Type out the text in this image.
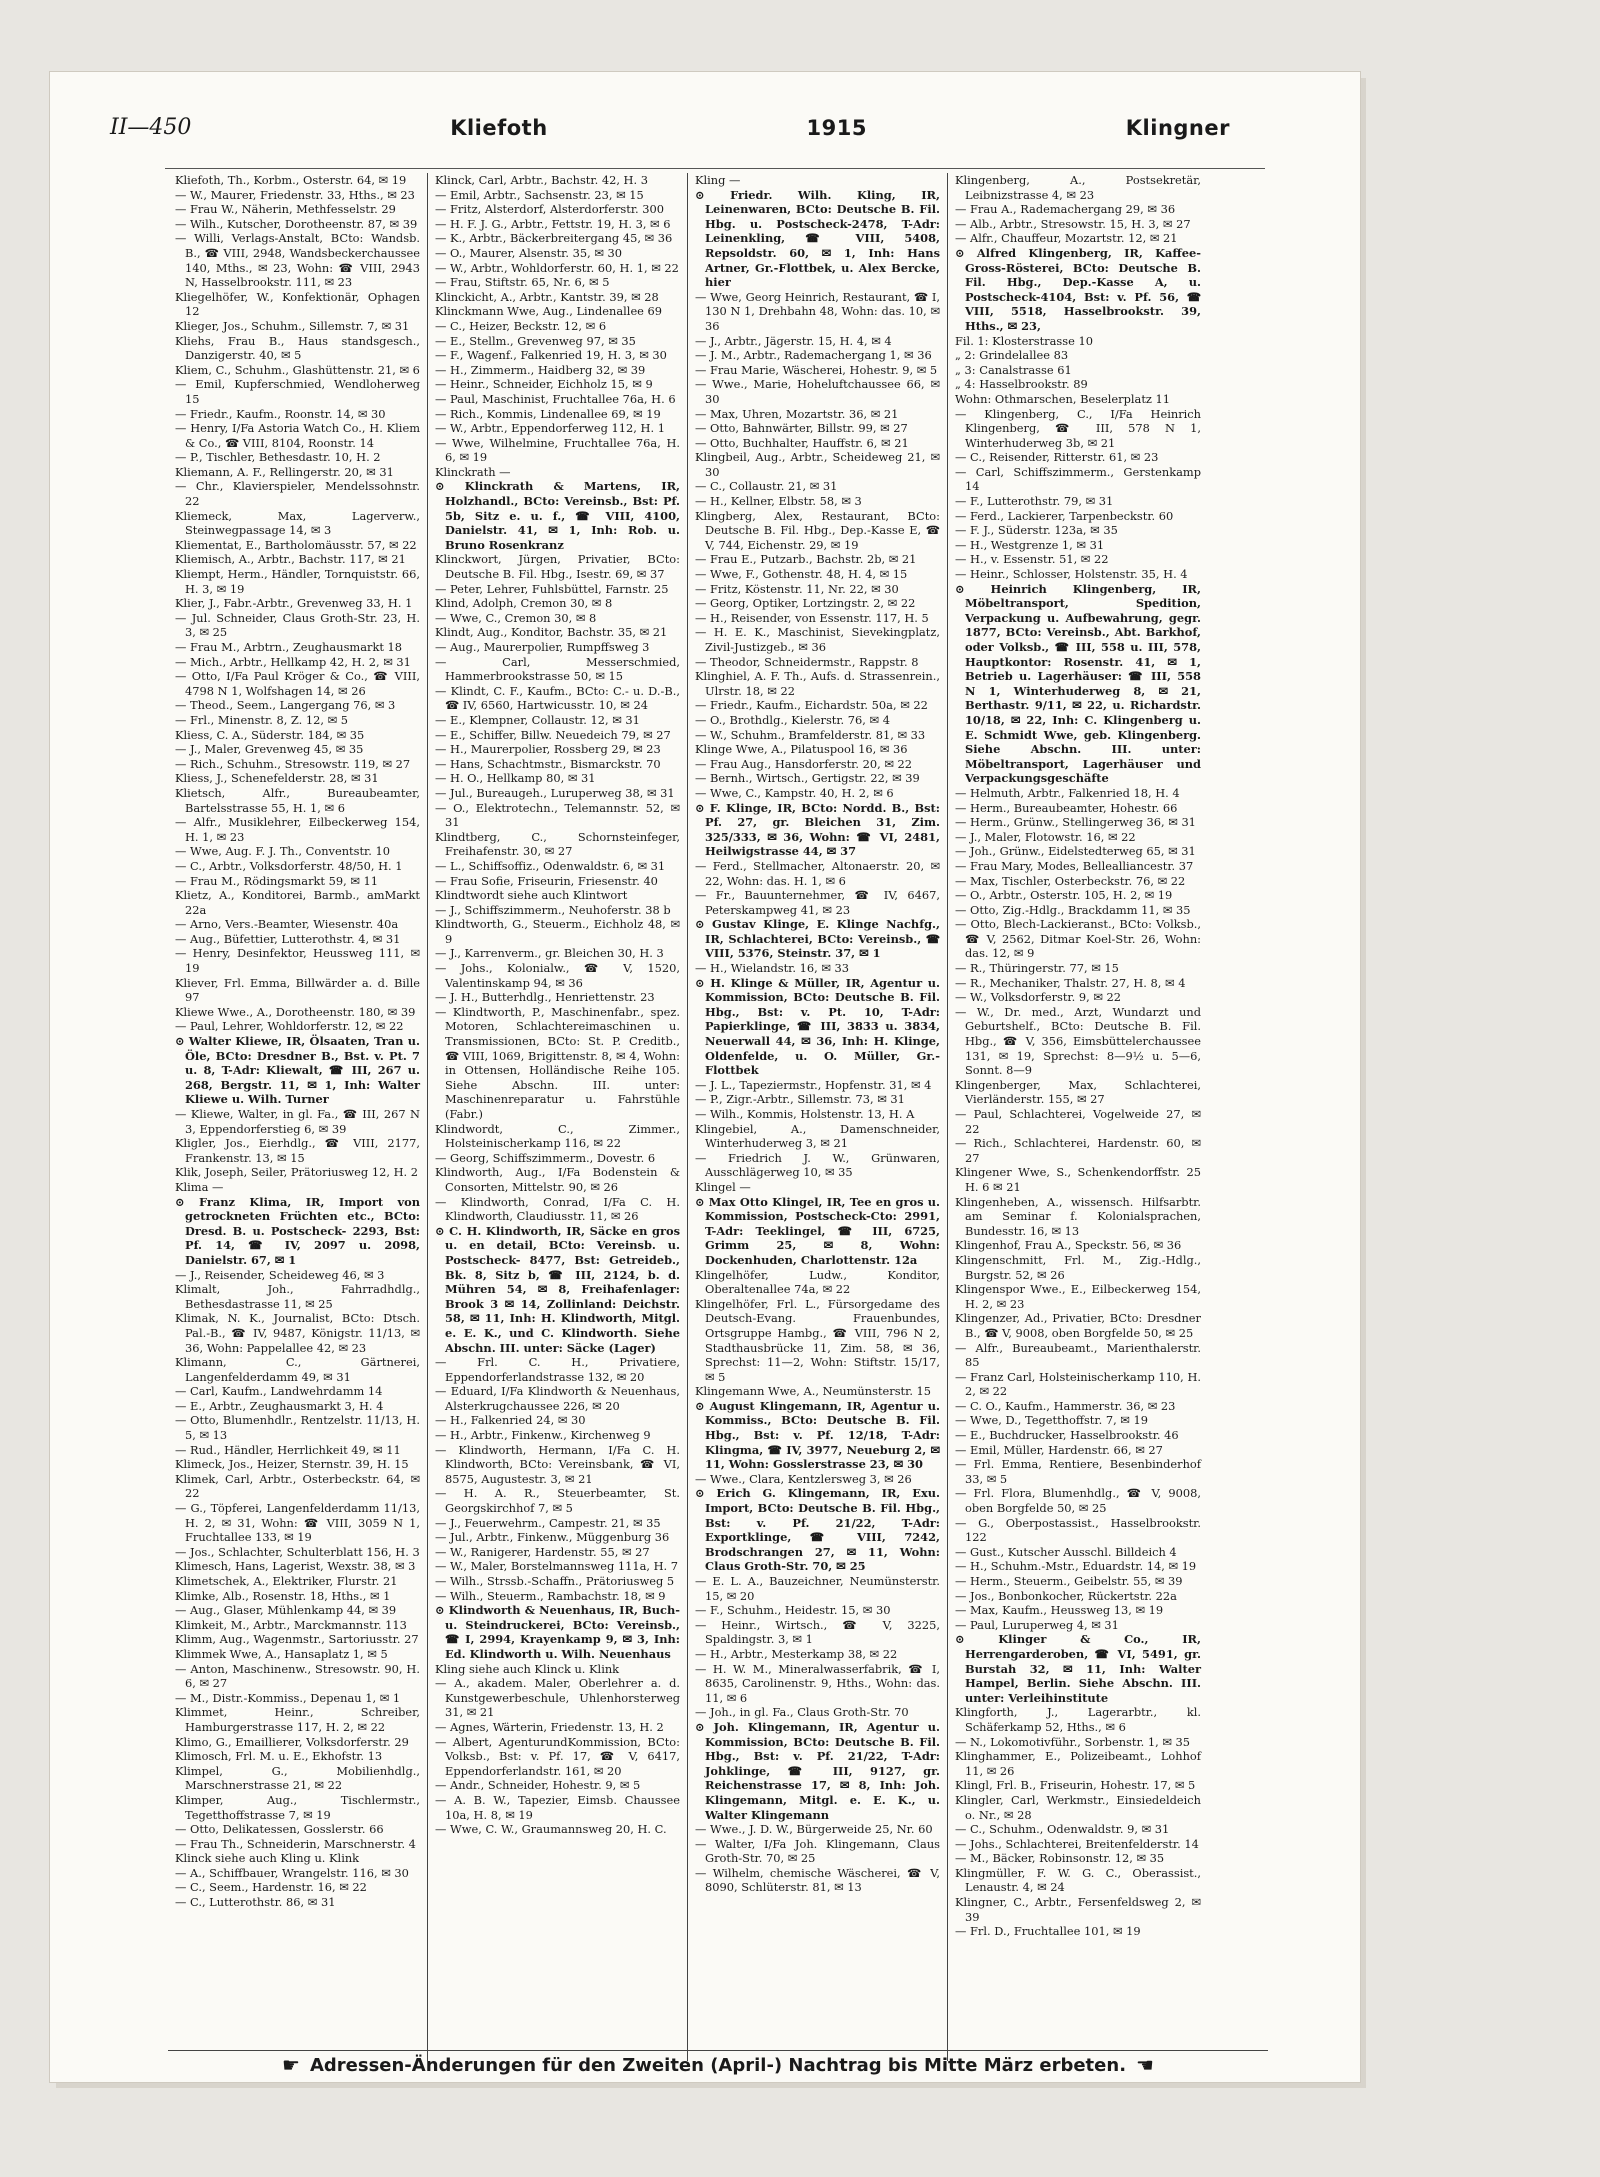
II—450	Kliefoth	1915	Klingner
Kliefoth, Th., Korbm., Osterstr. 64, ✉ 19
— W., Maurer, Friedenstr. 33, Hths., ✉ 23
— Frau W., Näherin, Methfesselstr. 29
— Wilh., Kutscher, Dorotheenstr. 87, ✉ 39
— Willi, Verlags-Anstalt, BCto: Wandsb. B., ☎ VIII, 2948, Wandsbeckerchaussee 140, Mths., ✉ 23, Wohn: ☎ VIII, 2943 N, Hasselbrookstr. 111, ✉ 23
Kliegelhöfer, W., Konfektionär, Ophagen 12
Klieger, Jos., Schuhm., Sillemstr. 7, ✉ 31
Kliehs, Frau B., Haus standsgesch., Danzigerstr. 40, ✉ 5
Kliem, C., Schuhm., Glashüttenstr. 21, ✉ 6
— Emil, Kupferschmied, Wendloherweg 15
— Friedr., Kaufm., Roonstr. 14, ✉ 30
— Henry, I/Fa Astoria Watch Co., H. Kliem & Co., ☎ VIII, 8104, Roonstr. 14
— P., Tischler, Bethesdastr. 10, H. 2
Kliemann, A. F., Rellingerstr. 20, ✉ 31
— Chr., Klavierspieler, Mendelssohnstr. 22
Kliemeck, Max, Lagerverw., Steinwegpassage 14, ✉ 3
Kliementat, E., Bartholomäusstr. 57, ✉ 22
Kliemisch, A., Arbtr., Bachstr. 117, ✉ 21
Kliempt, Herm., Händler, Tornquiststr. 66, H. 3, ✉ 19
Klier, J., Fabr.-Arbtr., Grevenweg 33, H. 1
— Jul. Schneider, Claus Groth-Str. 23, H. 3, ✉ 25
— Frau M., Arbtrn., Zeughausmarkt 18
— Mich., Arbtr., Hellkamp 42, H. 2, ✉ 31
— Otto, I/Fa Paul Kröger & Co., ☎ VIII, 4798 N 1, Wolfshagen 14, ✉ 26
— Theod., Seem., Langergang 76, ✉ 3
— Frl., Minenstr. 8, Z. 12, ✉ 5
Kliess, C. A., Süderstr. 184, ✉ 35
— J., Maler, Grevenweg 45, ✉ 35
— Rich., Schuhm., Stresowstr. 119, ✉ 27
Kliess, J., Schenefelderstr. 28, ✉ 31
Klietsch, Alfr., Bureaubeamter, Bartelsstrasse 55, H. 1, ✉ 6
— Alfr., Musiklehrer, Eilbeckerweg 154, H. 1, ✉ 23
— Wwe, Aug. F. J. Th., Conventstr. 10
— C., Arbtr., Volksdorferstr. 48/50, H. 1
— Frau M., Rödingsmarkt 59, ✉ 11
Klietz, A., Konditorei, Barmb., amMarkt 22a
— Arno, Vers.-Beamter, Wiesenstr. 40a
— Aug., Büfettier, Lutterothstr. 4, ✉ 31
— Henry, Desinfektor, Heussweg 111, ✉ 19
Kliever, Frl. Emma, Billwärder a. d. Bille 97
Kliewe Wwe., A., Dorotheenstr. 180, ✉ 39
— Paul, Lehrer, Wohldorferstr. 12, ✉ 22
⊙ Walter Kliewe, IR, Ölsaaten, Tran u. Öle, BCto: Dresdner B., Bst. v. Pt. 7 u. 8, T-Adr: Kliewalt, ☎ III, 267 u. 268, Bergstr. 11, ✉ 1, Inh: Walter Kliewe u. Wilh. Turner
— Kliewe, Walter, in gl. Fa., ☎ III, 267 N 3, Eppendorferstieg 6, ✉ 39
Kligler, Jos., Eierhdlg., ☎ VIII, 2177, Frankenstr. 13, ✉ 15
Klik, Joseph, Seiler, Prätoriusweg 12, H. 2
Klima —
⊙ Franz Klima, IR, Import von getrockneten Früchten etc., BCto: Dresd. B. u. Postscheck- 2293, Bst: Pf. 14, ☎ IV, 2097 u. 2098, Danielstr. 67, ✉ 1
— J., Reisender, Scheideweg 46, ✉ 3
Klimalt, Joh., Fahrradhdlg., Bethesdastrasse 11, ✉ 25
Klimak, N. K., Journalist, BCto: Dtsch. Pal.-B., ☎ IV, 9487, Königstr. 11/13, ✉ 36, Wohn: Pappelallee 42, ✉ 23
Klimann, C., Gärtnerei, Langenfelderdamm 49, ✉ 31
— Carl, Kaufm., Landwehrdamm 14
— E., Arbtr., Zeughausmarkt 3, H. 4
— Otto, Blumenhdlr., Rentzelstr. 11/13, H. 5, ✉ 13
— Rud., Händler, Herrlichkeit 49, ✉ 11
Klimeck, Jos., Heizer, Sternstr. 39, H. 15
Klimek, Carl, Arbtr., Osterbeckstr. 64, ✉ 22
— G., Töpferei, Langenfelderdamm 11/13, H. 2, ✉ 31, Wohn: ☎ VIII, 3059 N 1, Fruchtallee 133, ✉ 19
— Jos., Schlachter, Schulterblatt 156, H. 3
Klimesch, Hans, Lagerist, Wexstr. 38, ✉ 3
Klimetschek, A., Elektriker, Flurstr. 21
Klimke, Alb., Rosenstr. 18, Hths., ✉ 1
— Aug., Glaser, Mühlenkamp 44, ✉ 39
Klimkeit, M., Arbtr., Marckmannstr. 113
Klimm, Aug., Wagenmstr., Sartoriusstr. 27
Klimmek Wwe, A., Hansaplatz 1, ✉ 5
— Anton, Maschinenw., Stresowstr. 90, H. 6, ✉ 27
— M., Distr.-Kommiss., Depenau 1, ✉ 1
Klimmet, Heinr., Schreiber, Hamburgerstrasse 117, H. 2, ✉ 22
Klimo, G., Emaillierer, Volksdorferstr. 29
Klimosch, Frl. M. u. E., Ekhofstr. 13
Klimpel, G., Mobilienhdlg., Marschnerstrasse 21, ✉ 22
Klimper, Aug., Tischlermstr., Tegetthoffstrasse 7, ✉ 19
— Otto, Delikatessen, Gosslerstr. 66
— Frau Th., Schneiderin, Marschnerstr. 4
Klinck siehe auch Kling u. Klink
— A., Schiffbauer, Wrangelstr. 116, ✉ 30
— C., Seem., Hardenstr. 16, ✉ 22
— C., Lutterothstr. 86, ✉ 31
Klinck, Carl, Arbtr., Bachstr. 42, H. 3
— Emil, Arbtr., Sachsenstr. 23, ✉ 15
— Fritz, Alsterdorf, Alsterdorferstr. 300
— H. F. J. G., Arbtr., Fettstr. 19, H. 3, ✉ 6
— K., Arbtr., Bäckerbreitergang 45, ✉ 36
— O., Maurer, Alsenstr. 35, ✉ 30
— W., Arbtr., Wohldorferstr. 60, H. 1, ✉ 22
— Frau, Stiftstr. 65, Nr. 6, ✉ 5
Klinckicht, A., Arbtr., Kantstr. 39, ✉ 28
Klinckmann Wwe, Aug., Lindenallee 69
— C., Heizer, Beckstr. 12, ✉ 6
— E., Stellm., Grevenweg 97, ✉ 35
— F., Wagenf., Falkenried 19, H. 3, ✉ 30
— H., Zimmerm., Haidberg 32, ✉ 39
— Heinr., Schneider, Eichholz 15, ✉ 9
— Paul, Maschinist, Fruchtallee 76a, H. 6
— Rich., Kommis, Lindenallee 69, ✉ 19
— W., Arbtr., Eppendorferweg 112, H. 1
— Wwe, Wilhelmine, Fruchtallee 76a, H. 6, ✉ 19
Klinckrath —
⊙ Klinckrath & Martens, IR, Holzhandl., BCto: Vereinsb., Bst: Pf. 5b, Sitz e. u. f., ☎ VIII, 4100, Danielstr. 41, ✉ 1, Inh: Rob. u. Bruno Rosenkranz
Klinckwort, Jürgen, Privatier, BCto: Deutsche B. Fil. Hbg., Isestr. 69, ✉ 37
— Peter, Lehrer, Fuhlsbüttel, Farnstr. 25
Klind, Adolph, Cremon 30, ✉ 8
— Wwe, C., Cremon 30, ✉ 8
Klindt, Aug., Konditor, Bachstr. 35, ✉ 21
— Aug., Maurerpolier, Rumpffsweg 3
— Carl, Messerschmied, Hammerbrookstrasse 50, ✉ 15
— Klindt, C. F., Kaufm., BCto: C.- u. D.-B., ☎ IV, 6560, Hartwicusstr. 10, ✉ 24
— E., Klempner, Collaustr. 12, ✉ 31
— E., Schiffer, Billw. Neuedeich 79, ✉ 27
— H., Maurerpolier, Rossberg 29, ✉ 23
— Hans, Schachtmstr., Bismarckstr. 70
— H. O., Hellkamp 80, ✉ 31
— Jul., Bureaugeh., Luruperweg 38, ✉ 31
— O., Elektrotechn., Telemannstr. 52, ✉ 31
Klindtberg, C., Schornsteinfeger, Freihafenstr. 30, ✉ 27
— L., Schiffsoffiz., Odenwaldstr. 6, ✉ 31
— Frau Sofie, Friseurin, Friesenstr. 40
Klindtwordt siehe auch Klintwort
— J., Schiffszimmerm., Neuhoferstr. 38 b
Klindtworth, G., Steuerm., Eichholz 48, ✉ 9
— J., Karrenverm., gr. Bleichen 30, H. 3
— Johs., Kolonialw., ☎ V, 1520, Valentinskamp 94, ✉ 36
— J. H., Butterhdlg., Henriettenstr. 23
— Klindtworth, P., Maschinenfabr., spez. Motoren, Schlachtereimaschinen u. Transmissionen, BCto: St. P. Creditb., ☎ VIII, 1069, Brigittenstr. 8, ✉ 4, Wohn: in Ottensen, Holländische Reihe 105. Siehe Abschn. III. unter: Maschinenreparatur u. Fahrstühle (Fabr.)
Klindwordt, C., Zimmer., Holsteinischerkamp 116, ✉ 22
— Georg, Schiffszimmerm., Dovestr. 6
Klindworth, Aug., I/Fa Bodenstein & Consorten, Mittelstr. 90, ✉ 26
— Klindworth, Conrad, I/Fa C. H. Klindworth, Claudiusstr. 11, ✉ 26
⊙ C. H. Klindworth, IR, Säcke en gros u. en detail, BCto: Vereinsb. u. Postscheck- 8477, Bst: Getreideb., Bk. 8, Sitz b, ☎ III, 2124, b. d. Mühren 54, ✉ 8, Freihafenlager: Brook 3 ✉ 14, Zollinland: Deichstr. 58, ✉ 11, Inh: H. Klindworth, Mitgl. e. E. K., und C. Klindworth. Siehe Abschn. III. unter: Säcke (Lager)
— Frl. C. H., Privatiere, Eppendorferlandstrasse 132, ✉ 20
— Eduard, I/Fa Klindworth & Neuenhaus, Alsterkrugchaussee 226, ✉ 20
— H., Falkenried 24, ✉ 30
— H., Arbtr., Finkenw., Kirchenweg 9
— Klindworth, Hermann, I/Fa C. H. Klindworth, BCto: Vereinsbank, ☎ VI, 8575, Augustestr. 3, ✉ 21
— H. A. R., Steuerbeamter, St. Georgskirchhof 7, ✉ 5
— J., Feuerwehrm., Campestr. 21, ✉ 35
— Jul., Arbtr., Finkenw., Müggenburg 36
— W., Ranigerer, Hardenstr. 55, ✉ 27
— W., Maler, Borstelmannsweg 111a, H. 7
— Wilh., Strssb.-Schaffn., Prätoriusweg 5
— Wilh., Steuerm., Rambachstr. 18, ✉ 9
⊙ Klindworth & Neuenhaus, IR, Buch- u. Steindruckerei, BCto: Vereinsb., ☎ I, 2994, Krayenkamp 9, ✉ 3, Inh: Ed. Klindworth u. Wilh. Neuenhaus
Kling siehe auch Klinck u. Klink
— A., akadem. Maler, Oberlehrer a. d. Kunstgewerbeschule, Uhlenhorsterweg 31, ✉ 21
— Agnes, Wärterin, Friedenstr. 13, H. 2
— Albert, AgenturundKommission, BCto: Volksb., Bst: v. Pf. 17, ☎ V, 6417, Eppendorferlandstr. 161, ✉ 20
— Andr., Schneider, Hohestr. 9, ✉ 5
— A. B. W., Tapezier, Eimsb. Chaussee 10a, H. 8, ✉ 19
— Wwe, C. W., Graumannsweg 20, H. C.
Kling —
⊙ Friedr. Wilh. Kling, IR, Leinenwaren, BCto: Deutsche B. Fil. Hbg. u. Postscheck-2478, T-Adr: Leinenkling, ☎ VIII, 5408, Repsoldstr. 60, ✉ 1, Inh: Hans Artner, Gr.-Flottbek, u. Alex Bercke, hier
— Wwe, Georg Heinrich, Restaurant, ☎ I, 130 N 1, Drehbahn 48, Wohn: das. 10, ✉ 36
— J., Arbtr., Jägerstr. 15, H. 4, ✉ 4
— J. M., Arbtr., Rademachergang 1, ✉ 36
— Frau Marie, Wäscherei, Hohestr. 9, ✉ 5
— Wwe., Marie, Hoheluftchaussee 66, ✉ 30
— Max, Uhren, Mozartstr. 36, ✉ 21
— Otto, Bahnwärter, Billstr. 99, ✉ 27
— Otto, Buchhalter, Hauffstr. 6, ✉ 21
Klingbeil, Aug., Arbtr., Scheideweg 21, ✉ 30
— C., Collaustr. 21, ✉ 31
— H., Kellner, Elbstr. 58, ✉ 3
Klingberg, Alex, Restaurant, BCto: Deutsche B. Fil. Hbg., Dep.-Kasse E, ☎ V, 744, Eichenstr. 29, ✉ 19
— Frau E., Putzarb., Bachstr. 2b, ✉ 21
— Wwe, F., Gothenstr. 48, H. 4, ✉ 15
— Fritz, Köstenstr. 11, Nr. 22, ✉ 30
— Georg, Optiker, Lortzingstr. 2, ✉ 22
— H., Reisender, von Essenstr. 117, H. 5
— H. E. K., Maschinist, Sievekingplatz, Zivil-Justizgeb., ✉ 36
— Theodor, Schneidermstr., Rappstr. 8
Klinghiel, A. F. Th., Aufs. d. Strassenrein., Ulrstr. 18, ✉ 22
— Friedr., Kaufm., Eichardstr. 50a, ✉ 22
— O., Brothdlg., Kielerstr. 76, ✉ 4
— W., Schuhm., Bramfelderstr. 81, ✉ 33
Klinge Wwe, A., Pilatuspool 16, ✉ 36
— Frau Aug., Hansdorferstr. 20, ✉ 22
— Bernh., Wirtsch., Gertigstr. 22, ✉ 39
— Wwe, C., Kampstr. 40, H. 2, ✉ 6
⊙ F. Klinge, IR, BCto: Nordd. B., Bst: Pf. 27, gr. Bleichen 31, Zim. 325/333, ✉ 36, Wohn: ☎ VI, 2481, Heilwigstrasse 44, ✉ 37
— Ferd., Stellmacher, Altonaerstr. 20, ✉ 22, Wohn: das. H. 1, ✉ 6
— Fr., Bauunternehmer, ☎ IV, 6467, Peterskampweg 41, ✉ 23
⊙ Gustav Klinge, E. Klinge Nachfg., IR, Schlachterei, BCto: Vereinsb., ☎ VIII, 5376, Steinstr. 37, ✉ 1
— H., Wielandstr. 16, ✉ 33
⊙ H. Klinge & Müller, IR, Agentur u. Kommission, BCto: Deutsche B. Fil. Hbg., Bst: v. Pt. 10, T-Adr: Papierklinge, ☎ III, 3833 u. 3834, Neuerwall 44, ✉ 36, Inh: H. Klinge, Oldenfelde, u. O. Müller, Gr.-Flottbek
— J. L., Tapeziermstr., Hopfenstr. 31, ✉ 4
— P., Zigr.-Arbtr., Sillemstr. 73, ✉ 31
— Wilh., Kommis, Holstenstr. 13, H. A
Klingebiel, A., Damenschneider, Winterhuderweg 3, ✉ 21
— Friedrich J. W., Grünwaren, Ausschlägerweg 10, ✉ 35
Klingel —
⊙ Max Otto Klingel, IR, Tee en gros u. Kommission, Postscheck-Cto: 2991, T-Adr: Teeklingel, ☎ III, 6725, Grimm 25, ✉ 8, Wohn: Dockenhuden, Charlottenstr. 12a
Klingelhöfer, Ludw., Konditor, Oberaltenallee 74a, ✉ 22
Klingelhöfer, Frl. L., Fürsorgedame des Deutsch-Evang. Frauenbundes, Ortsgruppe Hambg., ☎ VIII, 796 N 2, Stadthausbrücke 11, Zim. 58, ✉ 36, Sprechst: 11—2, Wohn: Stiftstr. 15/17, ✉ 5
Klingemann Wwe, A., Neumünsterstr. 15
⊙ August Klingemann, IR, Agentur u. Kommiss., BCto: Deutsche B. Fil. Hbg., Bst: v. Pf. 12/18, T-Adr: Klingma, ☎ IV, 3977, Neueburg 2, ✉ 11, Wohn: Gosslerstrasse 23, ✉ 30
— Wwe., Clara, Kentzlersweg 3, ✉ 26
⊙ Erich G. Klingemann, IR, Exu. Import, BCto: Deutsche B. Fil. Hbg., Bst: v. Pf. 21/22, T-Adr: Exportklinge, ☎ VIII, 7242, Brodschrangen 27, ✉ 11, Wohn: Claus Groth-Str. 70, ✉ 25
— E. L. A., Bauzeichner, Neumünsterstr. 15, ✉ 20
— F., Schuhm., Heidestr. 15, ✉ 30
— Heinr., Wirtsch., ☎ V, 3225, Spaldingstr. 3, ✉ 1
— H., Arbtr., Mesterkamp 38, ✉ 22
— H. W. M., Mineralwasserfabrik, ☎ I, 8635, Carolinenstr. 9, Hths., Wohn: das. 11, ✉ 6
— Joh., in gl. Fa., Claus Groth-Str. 70
⊙ Joh. Klingemann, IR, Agentur u. Kommission, BCto: Deutsche B. Fil. Hbg., Bst: v. Pf. 21/22, T-Adr: Johklinge, ☎ III, 9127, gr. Reichenstrasse 17, ✉ 8, Inh: Joh. Klingemann, Mitgl. e. E. K., u. Walter Klingemann
— Wwe., J. D. W., Bürgerweide 25, Nr. 60
— Walter, I/Fa Joh. Klingemann, Claus Groth-Str. 70, ✉ 25
— Wilhelm, chemische Wäscherei, ☎ V, 8090, Schlüterstr. 81, ✉ 13
Klingenberg, A., Postsekretär, Leibnizstrasse 4, ✉ 23
— Frau A., Rademachergang 29, ✉ 36
— Alb., Arbtr., Stresowstr. 15, H. 3, ✉ 27
— Alfr., Chauffeur, Mozartstr. 12, ✉ 21
⊙ Alfred Klingenberg, IR, Kaffee-Gross-Rösterei, BCto: Deutsche B. Fil. Hbg., Dep.-Kasse A, u. Postscheck-4104, Bst: v. Pf. 56, ☎ VIII, 5518, Hasselbrookstr. 39, Hths., ✉ 23,
Fil. 1: Klosterstrasse 10
„ 2: Grindelallee 83
„ 3: Canalstrasse 61
„ 4: Hasselbrookstr. 89
Wohn: Othmarschen, Beselerplatz 11
— Klingenberg, C., I/Fa Heinrich Klingenberg, ☎ III, 578 N 1, Winterhuderweg 3b, ✉ 21
— C., Reisender, Ritterstr. 61, ✉ 23
— Carl, Schiffszimmerm., Gerstenkamp 14
— F., Lutterothstr. 79, ✉ 31
— Ferd., Lackierer, Tarpenbeckstr. 60
— F. J., Süderstr. 123a, ✉ 35
— H., Westgrenze 1, ✉ 31
— H., v. Essenstr. 51, ✉ 22
— Heinr., Schlosser, Holstenstr. 35, H. 4
⊙ Heinrich Klingenberg, IR, Möbeltransport, Spedition, Verpackung u. Aufbewahrung, gegr. 1877, BCto: Vereinsb., Abt. Barkhof, oder Volksb., ☎ III, 558 u. III, 578, Hauptkontor: Rosenstr. 41, ✉ 1, Betrieb u. Lagerhäuser: ☎ III, 558 N 1, Winterhuderweg 8, ✉ 21, Berthastr. 9/11, ✉ 22, u. Richardstr. 10/18, ✉ 22, Inh: C. Klingenberg u. E. Schmidt Wwe, geb. Klingenberg. Siehe Abschn. III. unter: Möbeltransport, Lagerhäuser und Verpackungsgeschäfte
— Helmuth, Arbtr., Falkenried 18, H. 4
— Herm., Bureaubeamter, Hohestr. 66
— Herm., Grünw., Stellingerweg 36, ✉ 31
— J., Maler, Flotowstr. 16, ✉ 22
— Joh., Grünw., Eidelstedterweg 65, ✉ 31
— Frau Mary, Modes, Bellealliancestr. 37
— Max, Tischler, Osterbeckstr. 76, ✉ 22
— O., Arbtr., Osterstr. 105, H. 2, ✉ 19
— Otto, Zig.-Hdlg., Brackdamm 11, ✉ 35
— Otto, Blech-Lackieranst., BCto: Volksb., ☎ V, 2562, Ditmar Koel-Str. 26, Wohn: das. 12, ✉ 9
— R., Thüringerstr. 77, ✉ 15
— R., Mechaniker, Thalstr. 27, H. 8, ✉ 4
— W., Volksdorferstr. 9, ✉ 22
— W., Dr. med., Arzt, Wundarzt und Geburtshelf., BCto: Deutsche B. Fil. Hbg., ☎ V, 356, Eimsbüttelerchaussee 131, ✉ 19, Sprechst: 8—9½ u. 5—6, Sonnt. 8—9
Klingenberger, Max, Schlachterei, Vierländerstr. 155, ✉ 27
— Paul, Schlachterei, Vogelweide 27, ✉ 22
— Rich., Schlachterei, Hardenstr. 60, ✉ 27
Klingener Wwe, S., Schenkendorffstr. 25 H. 6 ✉ 21
Klingenheben, A., wissensch. Hilfsarbtr. am Seminar f. Kolonialsprachen, Bundesstr. 16, ✉ 13
Klingenhof, Frau A., Speckstr. 56, ✉ 36
Klingenschmitt, Frl. M., Zig.-Hdlg., Burgstr. 52, ✉ 26
Klingenspor Wwe., E., Eilbeckerweg 154, H. 2, ✉ 23
Klingenzer, Ad., Privatier, BCto: Dresdner B., ☎ V, 9008, oben Borgfelde 50, ✉ 25
— Alfr., Bureaubeamt., Marienthalerstr. 85
— Franz Carl, Holsteinischerkamp 110, H. 2, ✉ 22
— C. O., Kaufm., Hammerstr. 36, ✉ 23
— Wwe, D., Tegetthoffstr. 7, ✉ 19
— E., Buchdrucker, Hasselbrookstr. 46
— Emil, Müller, Hardenstr. 66, ✉ 27
— Frl. Emma, Rentiere, Besenbinderhof 33, ✉ 5
— Frl. Flora, Blumenhdlg., ☎ V, 9008, oben Borgfelde 50, ✉ 25
— G., Oberpostassist., Hasselbrookstr. 122
— Gust., Kutscher Ausschl. Billdeich 4
— H., Schuhm.-Mstr., Eduardstr. 14, ✉ 19
— Herm., Steuerm., Geibelstr. 55, ✉ 39
— Jos., Bonbonkocher, Rückertstr. 22a
— Max, Kaufm., Heussweg 13, ✉ 19
— Paul, Luruperweg 4, ✉ 31
⊙ Klinger & Co., IR, Herrengarderoben, ☎ VI, 5491, gr. Burstah 32, ✉ 11, Inh: Walter Hampel, Berlin. Siehe Abschn. III. unter: Verleihinstitute
Klingforth, J., Lagerarbtr., kl. Schäferkamp 52, Hths., ✉ 6
— N., Lokomotivführ., Sorbenstr. 1, ✉ 35
Klinghammer, E., Polizeibeamt., Lohhof 11, ✉ 26
Klingl, Frl. B., Friseurin, Hohestr. 17, ✉ 5
Klingler, Carl, Werkmstr., Einsiedeldeich o. Nr., ✉ 28
— C., Schuhm., Odenwaldstr. 9, ✉ 31
— Johs., Schlachterei, Breitenfelderstr. 14
— M., Bäcker, Robinsonstr. 12, ✉ 35
Klingmüller, F. W. G. C., Oberassist., Lenaustr. 4, ✉ 24
Klingner, C., Arbtr., Fersenfeldsweg 2, ✉ 39
— Frl. D., Fruchtallee 101, ✉ 19
☛ Adressen-Änderungen für den Zweiten (April-) Nachtrag bis Mitte März erbeten. ☚
